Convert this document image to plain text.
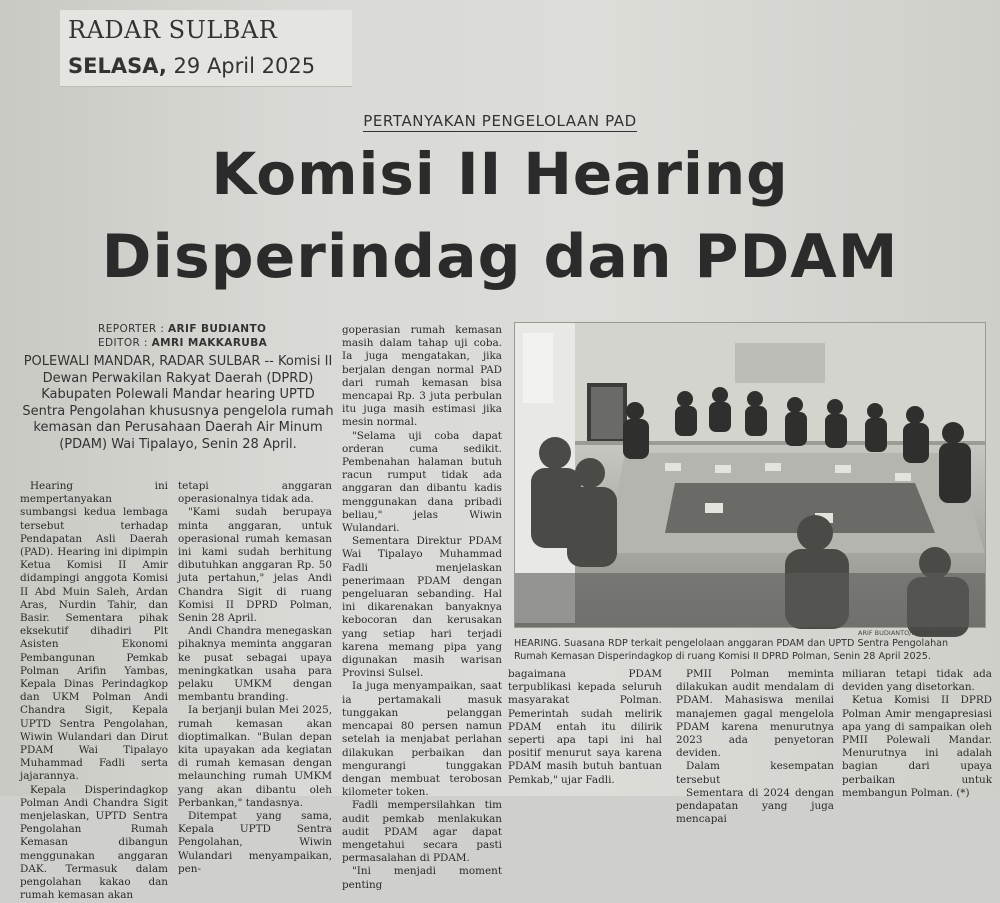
RADAR SULBAR
SELASA, 29 April 2025
PERTANYAKAN PENGELOLAAN PAD
Komisi II Hearing
Disperindag dan PDAM
REPORTER : ARIF BUDIANTO
EDITOR : AMRI MAKKARUBA
POLEWALI MANDAR, RADAR SULBAR -- Komisi II Dewan Perwakilan Rakyat Daerah (DPRD) Kabupaten Polewali Mandar hearing UPTD Sentra Pengolahan khususnya pengelola rumah kemasan dan Perusahaan Daerah Air Minum (PDAM) Wai Tipalayo, Senin 28 April.

Hearing ini mempertanyakan sumbangsi kedua lembaga tersebut terhadap Pendapatan Asli Daerah (PAD). Hearing ini dipimpin Ketua Komisi II Amir didampingi anggota Komisi II Abd Muin Saleh, Ardan Aras, Nurdin Tahir, dan Basir. Sementara pihak eksekutif dihadiri Plt Asisten Ekonomi Pembangunan Pemkab Polman Arifin Yambas, Kepala Dinas Perindagkop dan UKM Polman Andi Chandra Sigit, Kepala UPTD Sentra Pengolahan, Wiwin Wulandari dan Dirut PDAM Wai Tipalayo Muhammad Fadli serta jajarannya.

Kepala Disperindagkop Polman Andi Chandra Sigit menjelaskan, UPTD Sentra Pengolahan Rumah Kemasan dibangun menggunakan anggaran DAK. Termasuk dalam pengolahan kakao dan rumah kemasan akan

tetapi anggaran operasionalnya tidak ada.

"Kami sudah berupaya minta anggaran, untuk operasional rumah kemasan ini kami sudah berhitung dibutuhkan anggaran Rp. 50 juta pertahun," jelas Andi Chandra Sigit di ruang Komisi II DPRD Polman, Senin 28 April.

Andi Chandra menegaskan pihaknya meminta anggaran ke pusat sebagai upaya meningkatkan usaha para pelaku UMKM dengan membantu branding.

Ia berjanji bulan Mei 2025, rumah kemasan akan dioptimalkan. "Bulan depan kita upayakan ada kegiatan di rumah kemasan dengan melaunching rumah UMKM yang akan dibantu oleh Perbankan," tandasnya.

Ditempat yang sama, Kepala UPTD Sentra Pengolahan, Wiwin Wulandari menyampaikan, pen-

goperasian rumah kemasan masih dalam tahap uji coba. Ia juga mengatakan, jika berjalan dengan normal PAD dari rumah kemasan bisa mencapai Rp. 3 juta perbulan itu juga masih estimasi jika mesin normal.

"Selama uji coba dapat orderan cuma sedikit. Pembenahan halaman butuh racun rumput tidak ada anggaran dan dibantu kadis menggunakan dana pribadi beliau," jelas Wiwin Wulandari.

Sementara Direktur PDAM Wai Tipalayo Muhammad Fadli menjelaskan penerimaan PDAM dengan pengeluaran sebanding. Hal ini dikarenakan banyaknya kebocoran dan kerusakan yang setiap hari terjadi karena memang pipa yang digunakan masih warisan Provinsi Sulsel.

Ia juga menyampaikan, saat ia pertamakali masuk tunggakan pelanggan mencapai 80 persen namun setelah ia menjabat perlahan dilakukan perbaikan dan mengurangi tunggakan dengan membuat terobosan kilometer token.

Fadli mempersilahkan tim audit pemkab menlakukan audit PDAM agar dapat mengetahui secara pasti permasalahan di PDAM.

"Ini menjadi moment penting

ARIF BUDIANTO/RADAR SULBAR
HEARING. Suasana RDP terkait pengelolaan anggaran PDAM dan UPTD Sentra Pengolahan Rumah Kemasan Disperindagkop di ruang Komisi II DPRD Polman, Senin 28 April 2025.

bagaimana PDAM terpublikasi kepada seluruh masyarakat Polman. Pemerintah sudah melirik PDAM entah itu dilirik seperti apa tapi ini hal positif menurut saya karena PDAM masih butuh bantuan Pemkab," ujar Fadli.

PMII Polman meminta dilakukan audit mendalam di PDAM. Mahasiswa menilai manajemen gagal mengelola PDAM karena menurutnya 2023 ada penyetoran deviden.

Dalam kesempatan tersebut

Sementara di 2024 dengan pendapatan yang juga mencapai

miliaran tetapi tidak ada deviden yang disetorkan.

Ketua Komisi II DPRD Polman Amir mengapresiasi apa yang di sampaikan oleh PMII Polewali Mandar. Menurutnya ini adalah bagian dari upaya perbaikan untuk membangun Polman. (*)
